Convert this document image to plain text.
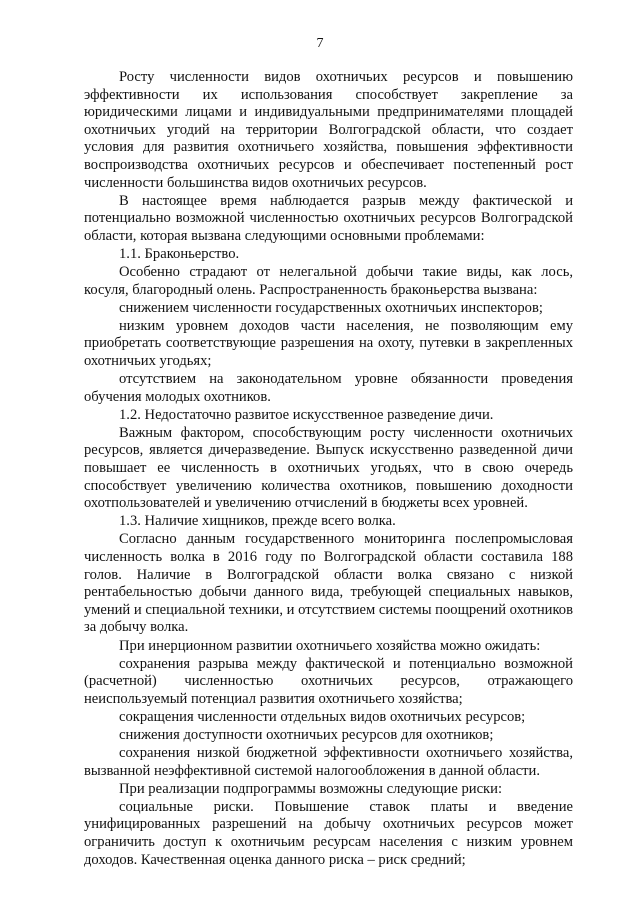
7

Росту численности видов охотничьих ресурсов и повышению эффективности их использования способствует закрепление за юридическими лицами и индивидуальными предпринимателями площадей охотничьих угодий на территории Волгоградской области, что создает условия для развития охотничьего хозяйства, повышения эффективности воспроизводства охотничьих ресурсов и обеспечивает постепенный рост численности большинства видов охотничьих ресурсов.

В настоящее время наблюдается разрыв между фактической и потенциально возможной численностью охотничьих ресурсов Волгоградской области, которая вызвана следующими основными проблемами:

1.1. Браконьерство.

Особенно страдают от нелегальной добычи такие виды, как лось, косуля, благородный олень. Распространенность браконьерства вызвана:

снижением численности государственных охотничьих инспекторов;

низким уровнем доходов части населения, не позволяющим ему приобретать соответствующие разрешения на охоту, путевки в закрепленных охотничьих угодьях;

отсутствием на законодательном уровне обязанности проведения обучения молодых охотников.

1.2. Недостаточно развитое искусственное разведение дичи.

Важным фактором, способствующим росту численности охотничьих ресурсов, является дичеразведение. Выпуск искусственно разведенной дичи повышает ее численность в охотничьих угодьях, что в свою очередь способствует увеличению количества охотников, повышению доходности охотпользователей и увеличению отчислений в бюджеты всех уровней.

1.3. Наличие хищников, прежде всего волка.

Согласно данным государственного мониторинга послепромысловая численность волка в 2016 году по Волгоградской области составила 188 голов. Наличие в Волгоградской области волка связано с низкой рентабельностью добычи данного вида, требующей специальных навыков, умений и специальной техники, и отсутствием системы поощрений охотников за добычу волка.

При инерционном развитии охотничьего хозяйства можно ожидать:

сохранения разрыва между фактической и потенциально возможной (расчетной) численностью охотничьих ресурсов, отражающего неиспользуемый потенциал развития охотничьего хозяйства;

сокращения численности отдельных видов охотничьих ресурсов;

снижения доступности охотничьих ресурсов для охотников;

сохранения низкой бюджетной эффективности охотничьего хозяйства, вызванной неэффективной системой налогообложения в данной области.

При реализации подпрограммы возможны следующие риски:

социальные риски. Повышение ставок платы и введение унифицированных разрешений на добычу охотничьих ресурсов может ограничить доступ к охотничьим ресурсам населения с низким уровнем доходов. Качественная оценка данного риска – риск средний;
